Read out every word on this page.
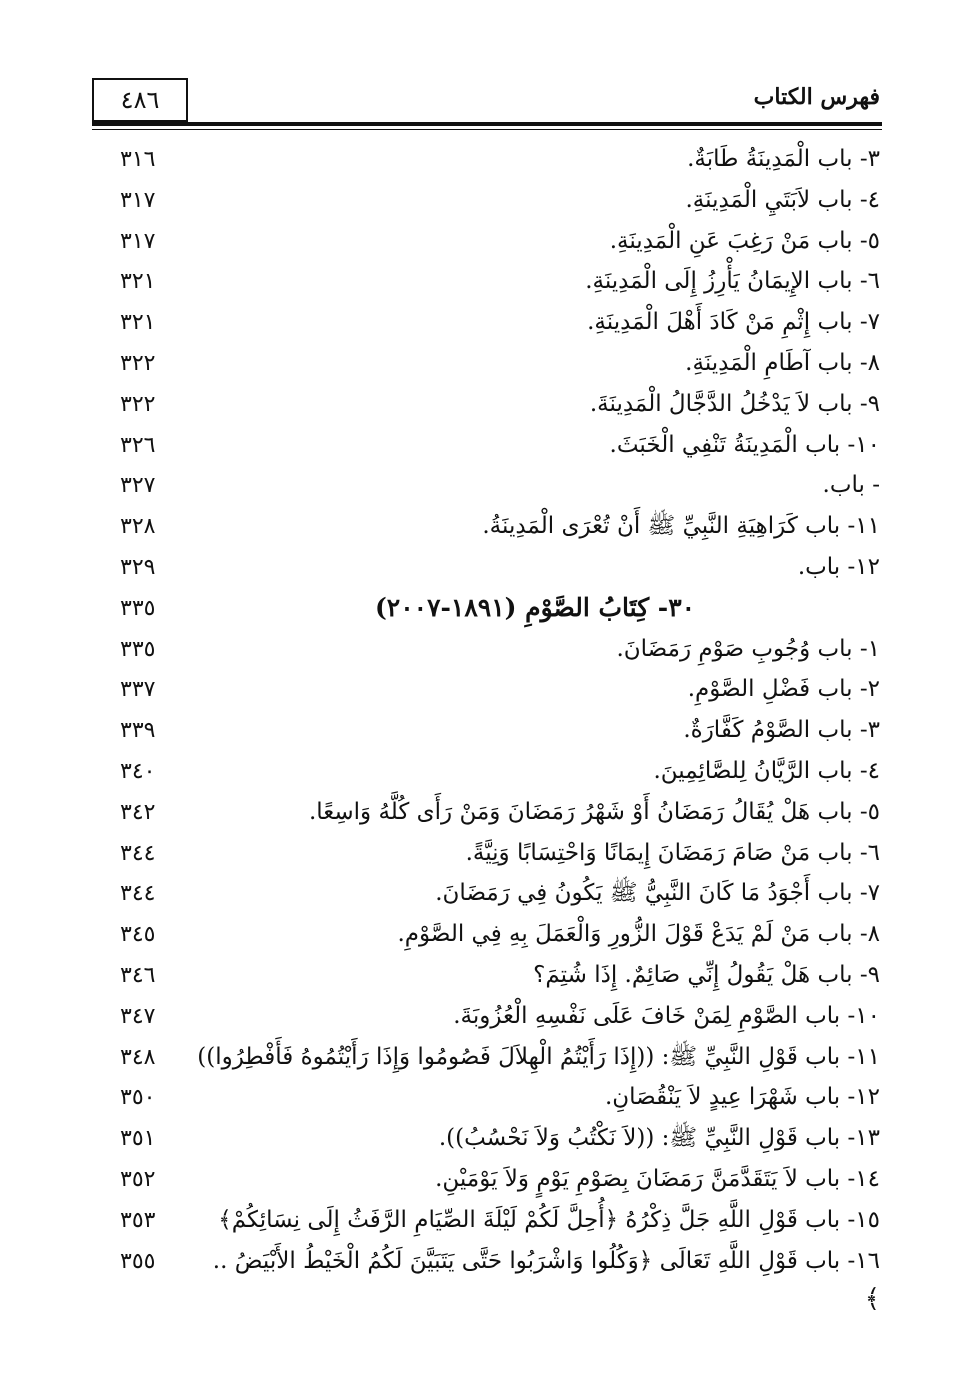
٤٨٦	فهرس الكتاب
٣- باب الْمَدِينَةُ طَابَةٌ.
٣١٦
٤- باب لاَبَتَيِ الْمَدِينَةِ.
٣١٧
٥- باب مَنْ رَغِبَ عَنِ الْمَدِينَةِ.
٣١٧
٦- باب الإِيمَانُ يَأْرِزُ إِلَى الْمَدِينَةِ.
٣٢١
٧- باب إِثْمِ مَنْ كَادَ أَهْلَ الْمَدِينَةِ.
٣٢١
٨- باب آطَامِ الْمَدِينَةِ.
٣٢٢
٩- باب لاَ يَدْخُلُ الدَّجَّالُ الْمَدِينَةَ.
٣٢٢
١٠- باب الْمَدِينَةُ تَنْفِي الْخَبَثَ.
٣٢٦
- باب.
٣٢٧
١١- باب كَرَاهِيَةِ النَّبِيِّ ﷺ أَنْ تُعْرَى الْمَدِينَةُ.
٣٢٨
١٢- باب.
٣٢٩
٣٠- كِتَابُ الصَّوْمِ (١٨٩١-٢٠٠٧)
٣٣٥
١- باب وُجُوبِ صَوْمِ رَمَضَانَ.
٣٣٥
٢- باب فَضْلِ الصَّوْمِ.
٣٣٧
٣- باب الصَّوْمُ كَفَّارَةٌ.
٣٣٩
٤- باب الرَّيَّانُ لِلصَّائِمِينَ.
٣٤٠
٥- باب هَلْ يُقَالُ رَمَضَانُ أَوْ شَهْرُ رَمَضَانَ وَمَنْ رَأَى كُلَّهُ وَاسِعًا.
٣٤٢
٦- باب مَنْ صَامَ رَمَضَانَ إِيمَانًا وَاحْتِسَابًا وَنِيَّةً.
٣٤٤
٧- باب أَجْوَدُ مَا كَانَ النَّبِيُّ ﷺ يَكُونُ فِي رَمَضَانَ.
٣٤٤
٨- باب مَنْ لَمْ يَدَعْ قَوْلَ الزُّورِ وَالْعَمَلَ بِهِ فِي الصَّوْمِ.
٣٤٥
٩- باب هَلْ يَقُولُ إِنِّي صَائِمٌ. إِذَا شُتِمَ؟
٣٤٦
١٠- باب الصَّوْمِ لِمَنْ خَافَ عَلَى نَفْسِهِ الْعُزُوبَةَ.
٣٤٧
١١- باب قَوْلِ النَّبِيِّ ﷺ: ((إِذَا رَأَيْتُمُ الْهِلاَلَ فَصُومُوا وَإِذَا رَأَيْتُمُوهُ فَأَفْطِرُوا))
٣٤٨
١٢- باب شَهْرَا عِيدٍ لاَ يَنْقُصَانِ.
٣٥٠
١٣- باب قَوْلِ النَّبِيِّ ﷺ: ((لاَ نَكْتُبُ وَلاَ نَحْسُبُ)).
٣٥١
١٤- باب لاَ يَتَقَدَّمَنَّ رَمَضَانَ بِصَوْمِ يَوْمٍ وَلاَ يَوْمَيْنِ.
٣٥٢
١٥- باب قَوْلِ اللَّهِ جَلَّ ذِكْرُهُ ﴿أُحِلَّ لَكُمْ لَيْلَةَ الصِّيَامِ الرَّفَثُ إِلَى نِسَائِكُمْ﴾
٣٥٣
١٦- باب قَوْلِ اللَّهِ تَعَالَى ﴿وَكُلُوا وَاشْرَبُوا حَتَّى يَتَبَيَّنَ لَكُمُ الْخَيْطُ الأَبْيَضُ ..
٣٥٥
﴾
